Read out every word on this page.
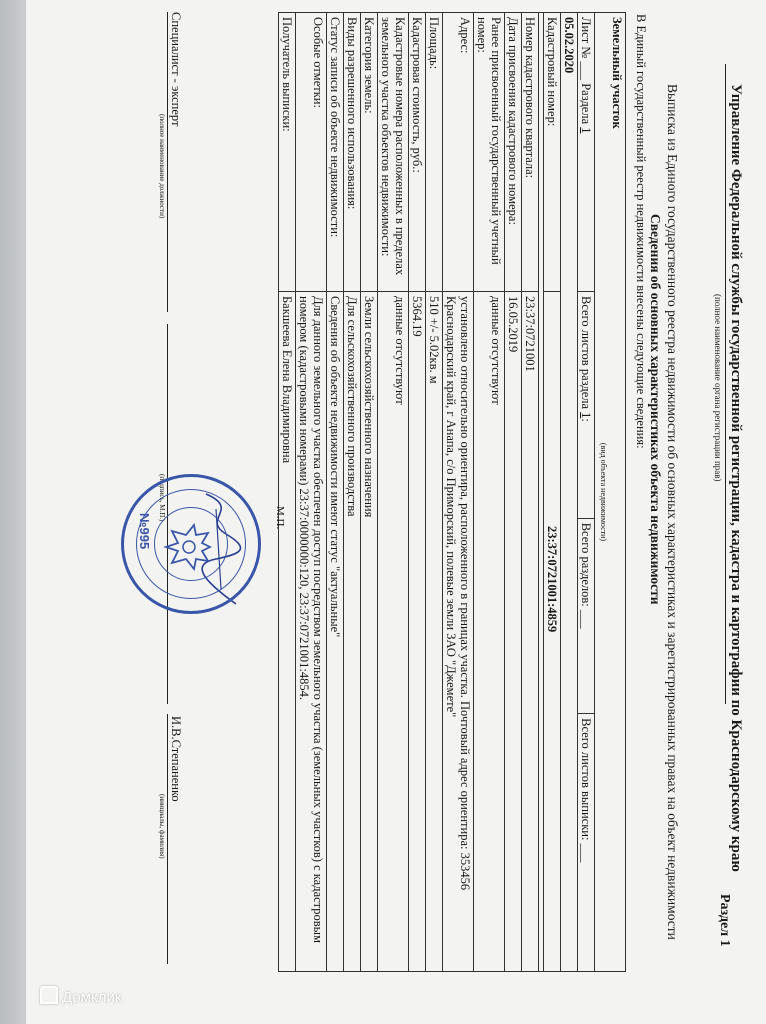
Управление Федеральной службы государственной регистрации, кадастра и картографии по Краснодарскому краю
(полное наименование органа регистрации прав)
Раздел 1
Выписка из Единого государственного реестра недвижимости об основных характеристиках и зарегистрированных правах на объект недвижимости
Сведения об основных характеристиках объекта недвижимости
В Единый государственный реестр недвижимости внесены следующие сведения:
Земельный участок
(вид объекта недвижимости)			

Лист № ___ Раздела 1	Всего листов раздела 1:	Всего разделов: ___	Всего листов выписки: ___
05.02.2020			
Кадастровый номер:	23:37:0721001:4859		

Номер кадастрового квартала:	23:37:0721001		
Дата присвоения кадастрового номера:	16.05.2019		
Ранее присвоенный государственный учетный номер:	данные отсутствуют		
Адрес:	установлено относительно ориентира, расположенного в границах участка. Почтовый адрес ориентира: 353456 Краснодарский край, г Анапа, с/о Приморский, полевые земли ЗАО "Джемете"		
Площадь:	510 +/- 5.02кв. м		
Кадастровая стоимость, руб.:	5364.19		
Кадастровые номера расположенных в пределах земельного участка объектов недвижимости:	данные отсутствуют		
Категория земель:	Земли сельскохозяйственного назначения		
Виды разрешенного использования:	Для сельскохозяйственного производства		
Статус записи об объекте недвижимости:	Сведения об объекте недвижимости имеют статус "актуальные"		
Особые отметки:	Для данного земельного участка обеспечен доступ посредством земельного участка (земельных участков) с кадастровым номером (кадастровыми номерами) 23:37:0000000:120, 23:37:0721001:4854.		
Получатель выписки:	Бакшеева Елена Владимировна		
Специалист - эксперт
(полное наименование должности)
(подпись, М.П.)
И.В.Степаненко
(инициалы, фамилия)
М.П.
№995
Домклик
